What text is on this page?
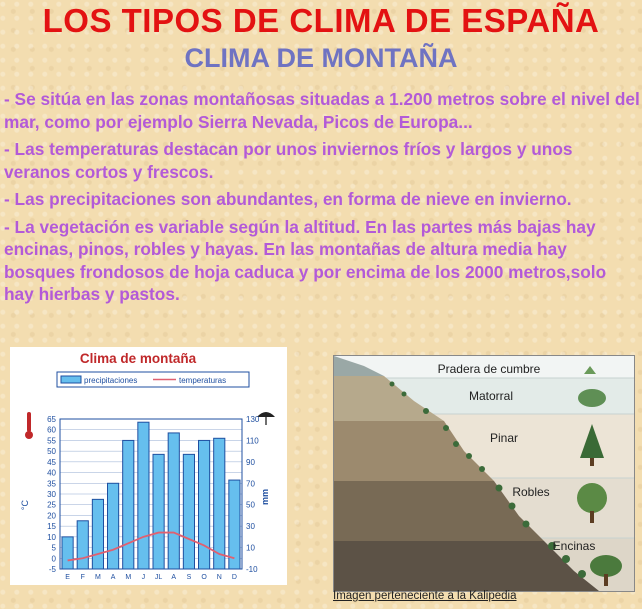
LOS TIPOS DE CLIMA DE ESPAÑA
CLIMA DE MONTAÑA

- Se sitúa en las zonas montañosas situadas a 1.200 metros sobre el nivel del mar, como por ejemplo Sierra Nevada, Picos de Europa...

- Las temperaturas destacan por unos inviernos fríos y largos y unos veranos cortos y frescos.

- Las precipitaciones son abundantes, en forma de nieve en invierno.

- La vegetación es variable según la altitud. En las partes más bajas hay encinas, pinos, robles y hayas. En las montañas de altura media hay bosques frondosos de hoja caduca y por encima de los 2000 metros,solo hay hierbas y pastos.

Clima de montaña
precipitaciones	temperaturas
°C	mm
65
60
55
50
45
40
35
30
25
20
15
10
5
0
-5
130
110
90
70
50
30
10
-10
E F M A M J JL A S O N D
Pradera de cumbre
Matorral
Pinar
Robles
Encinas
Imagen perteneciente a la Kalipedia
